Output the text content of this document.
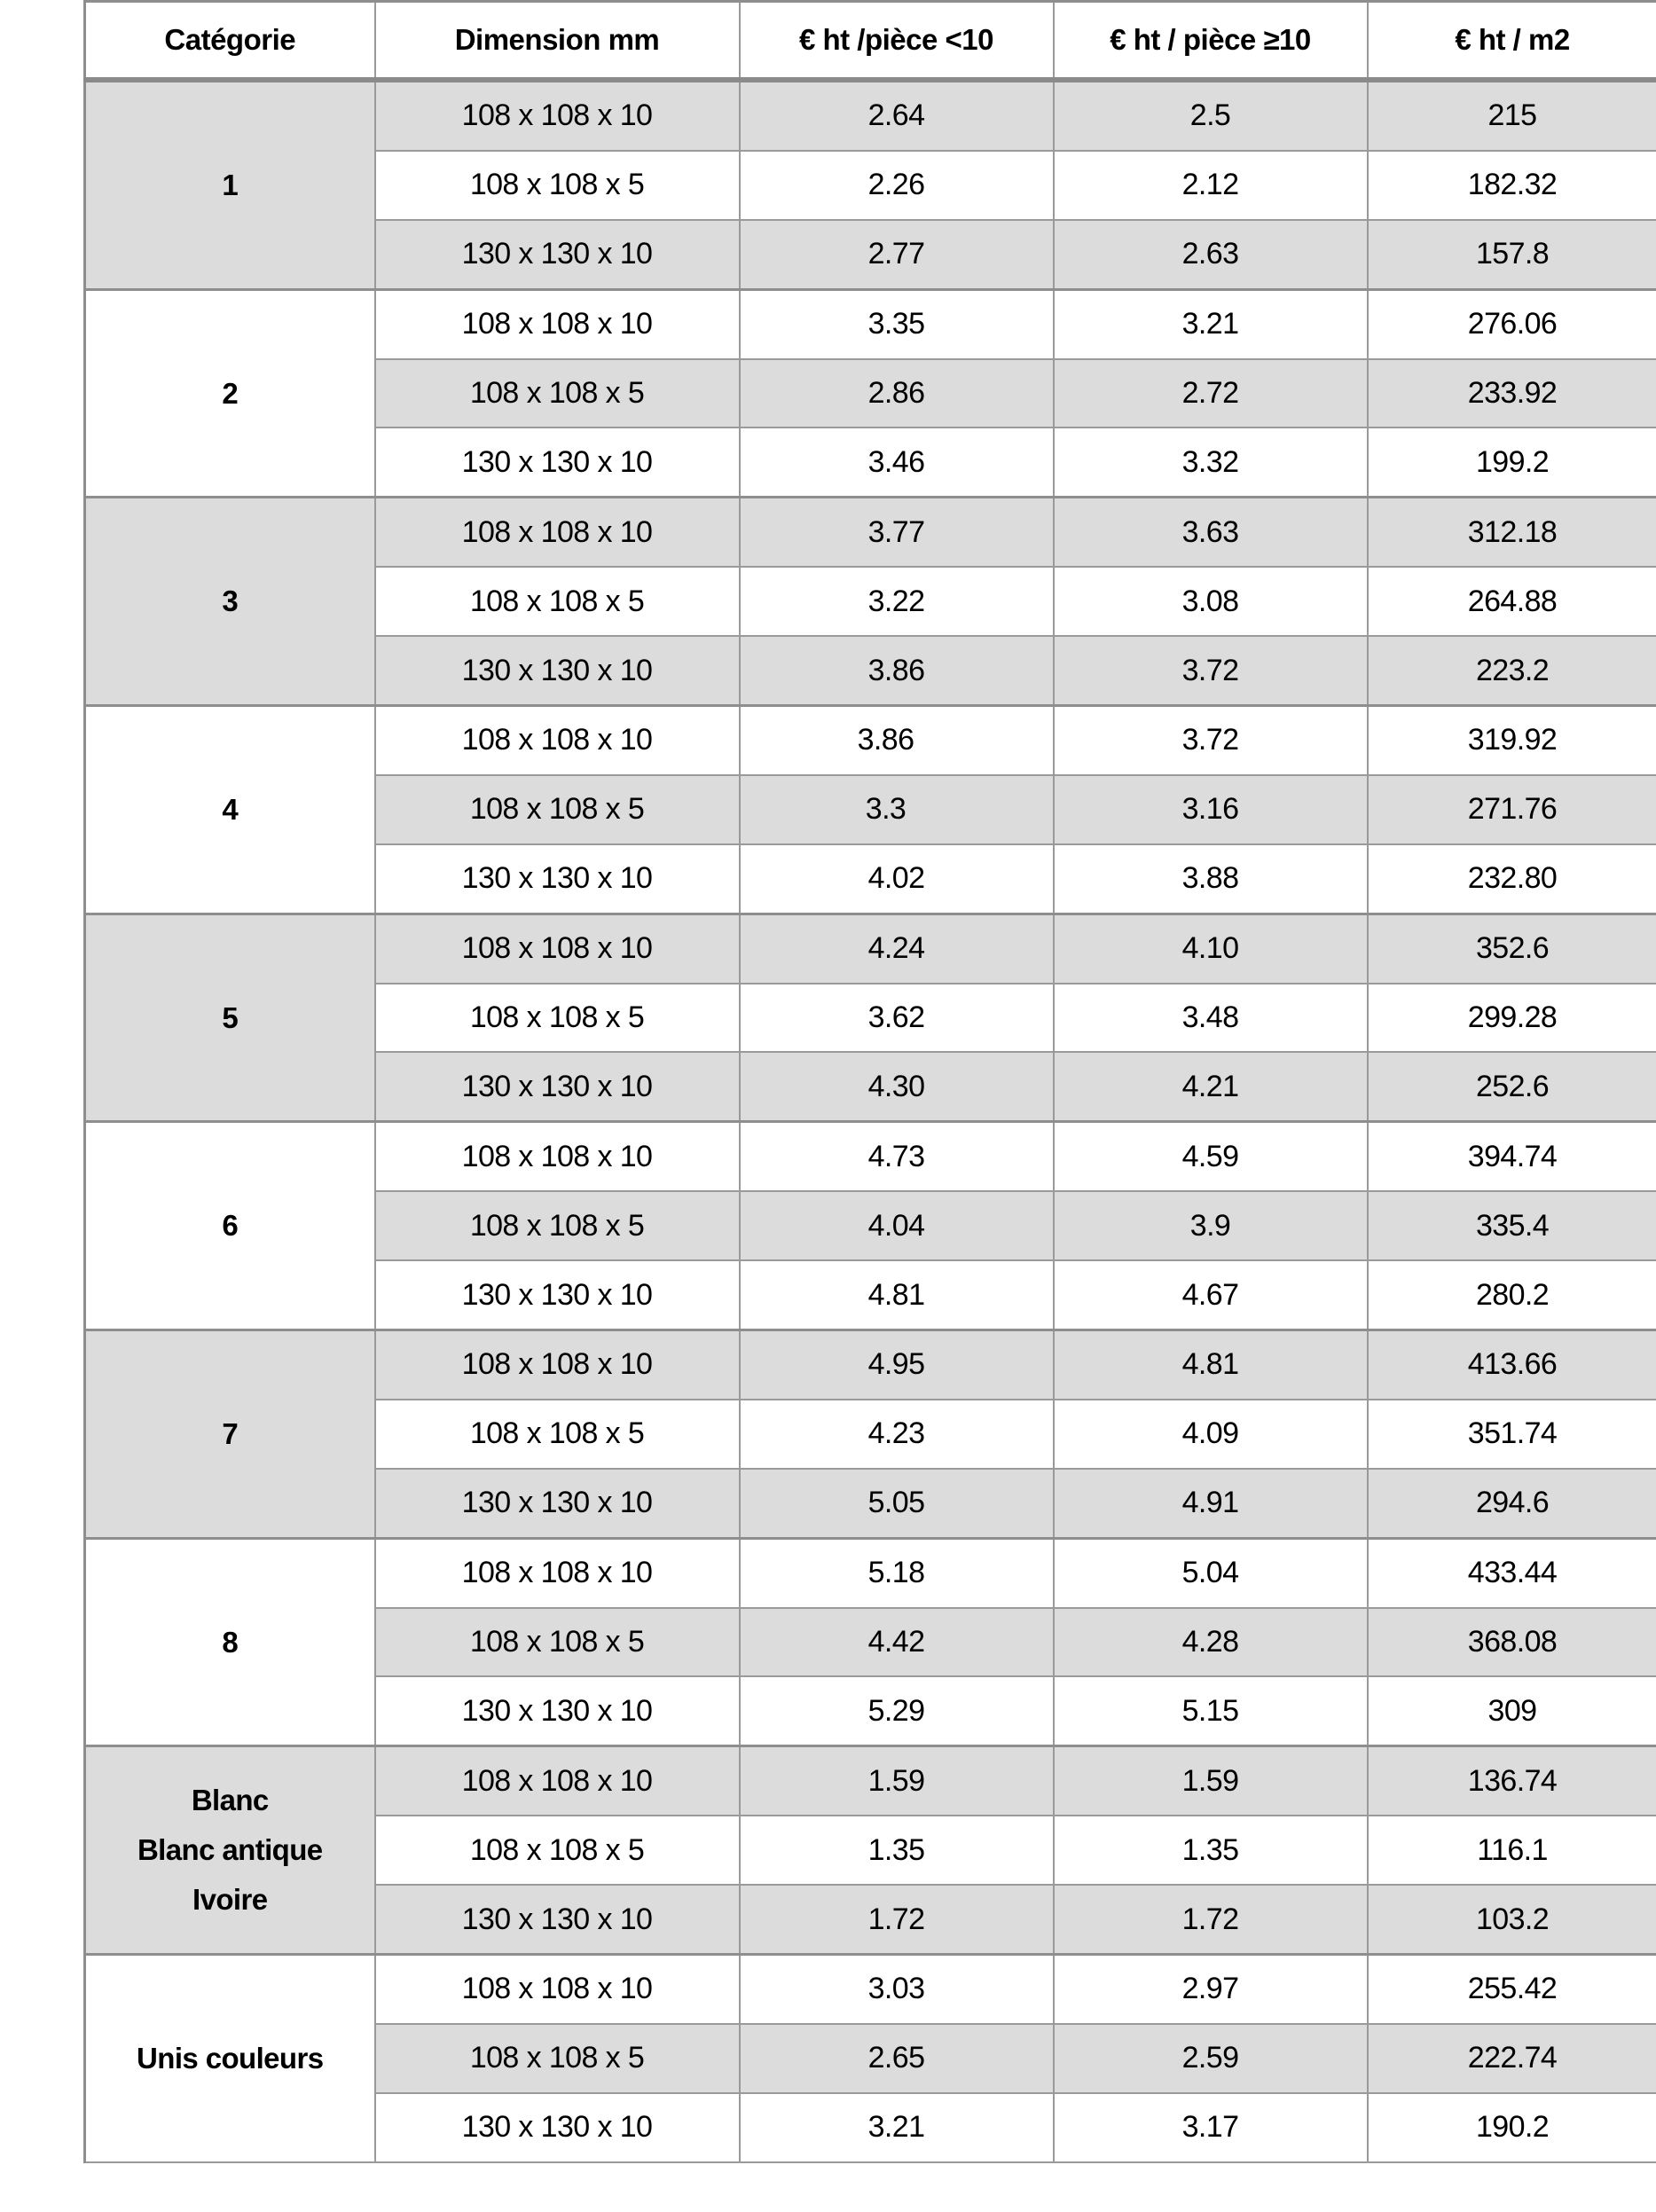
Catégorie	Dimension mm	€ ht /pièce <10	€ ht / pièce ≥10	€ ht / m2
1	108 x 108 x 10	2.64	2.5	215
	108 x 108 x 5	2.26	2.12	182.32
	130 x 130 x 10	2.77	2.63	157.8
2	108 x 108 x 10	3.35	3.21	276.06
	108 x 108 x 5	2.86	2.72	233.92
	130 x 130 x 10	3.46	3.32	199.2
3	108 x 108 x 10	3.77	3.63	312.18
	108 x 108 x 5	3.22	3.08	264.88
	130 x 130 x 10	3.86	3.72	223.2
4	108 x 108 x 10	3.86	3.72	319.92
	108 x 108 x 5	3.3	3.16	271.76
	130 x 130 x 10	4.02	3.88	232.80
5	108 x 108 x 10	4.24	4.10	352.6
	108 x 108 x 5	3.62	3.48	299.28
	130 x 130 x 10	4.30	4.21	252.6
6	108 x 108 x 10	4.73	4.59	394.74
	108 x 108 x 5	4.04	3.9	335.4
	130 x 130 x 10	4.81	4.67	280.2
7	108 x 108 x 10	4.95	4.81	413.66
	108 x 108 x 5	4.23	4.09	351.74
	130 x 130 x 10	5.05	4.91	294.6
8	108 x 108 x 10	5.18	5.04	433.44
	108 x 108 x 5	4.42	4.28	368.08
	130 x 130 x 10	5.29	5.15	309

Blanc
Blanc antique
Ivoire	108 x 108 x 10	1.59	1.59	136.74
	108 x 108 x 5	1.35	1.35	116.1
	130 x 130 x 10	1.72	1.72	103.2
Unis couleurs	108 x 108 x 10	3.03	2.97	255.42
	108 x 108 x 5	2.65	2.59	222.74
	130 x 130 x 10	3.21	3.17	190.2
